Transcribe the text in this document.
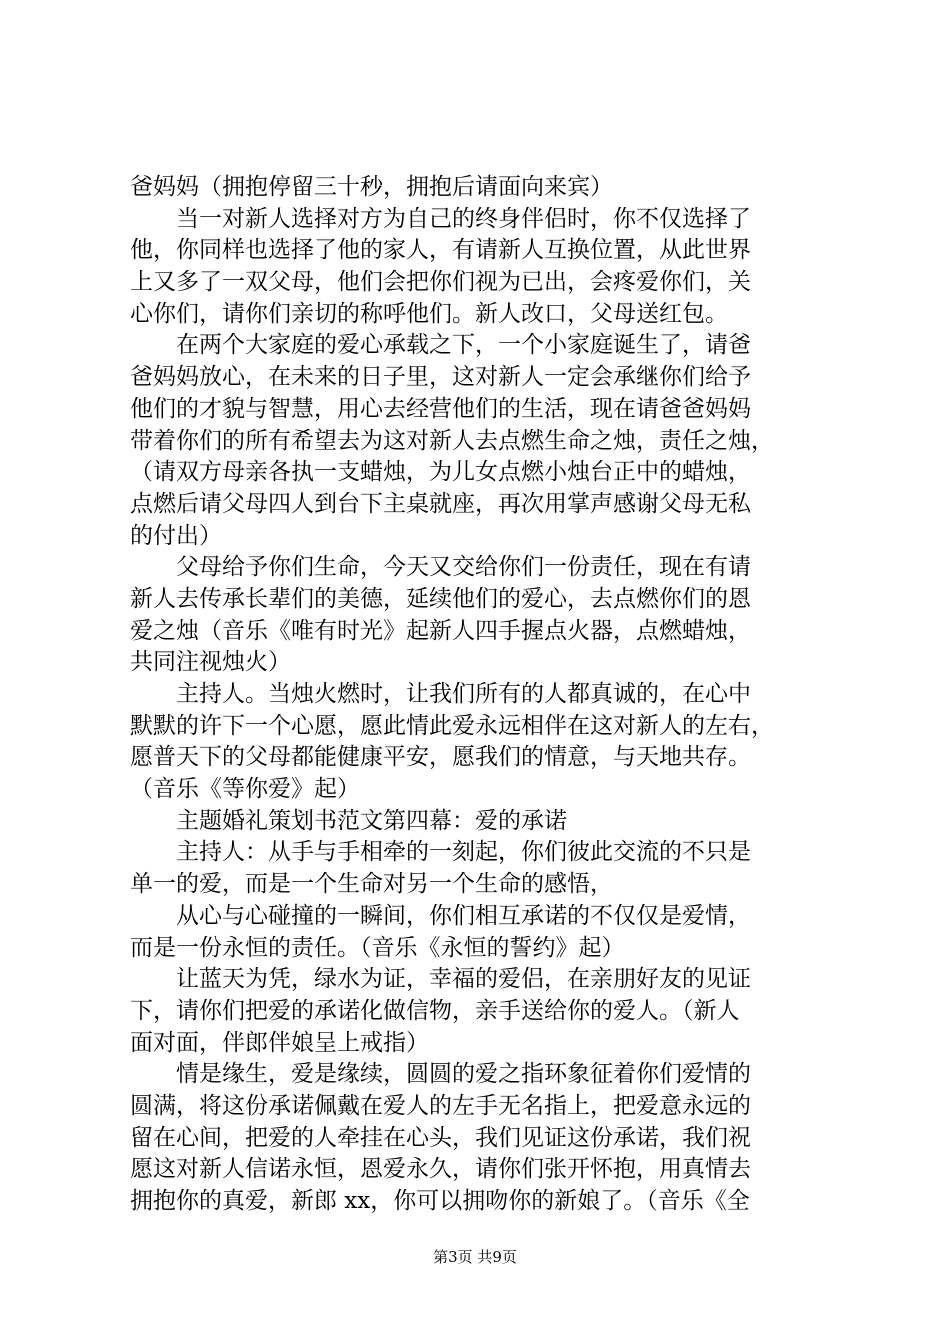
爸妈妈（拥抱停留三十秒，拥抱后请面向来宾）
当一对新人选择对方为自己的终身伴侣时，你不仅选择了
他，你同样也选择了他的家人，有请新人互换位置，从此世界
上又多了一双父母，他们会把你们视为已出，会疼爱你们，关
心你们，请你们亲切的称呼他们。新人改口，父母送红包。
在两个大家庭的爱心承载之下，一个小家庭诞生了，请爸
爸妈妈放心，在未来的日子里，这对新人一定会承继你们给予
他们的才貌与智慧，用心去经营他们的生活，现在请爸爸妈妈
带着你们的所有希望去为这对新人去点燃生命之烛，责任之烛，
（请双方母亲各执一支蜡烛，为儿女点燃小烛台正中的蜡烛，
点燃后请父母四人到台下主桌就座，再次用掌声感谢父母无私
的付出）
父母给予你们生命，今天又交给你们一份责任，现在有请
新人去传承长辈们的美德，延续他们的爱心，去点燃你们的恩
爱之烛（音乐《唯有时光》起新人四手握点火器，点燃蜡烛，
共同注视烛火）
主持人。当烛火燃时，让我们所有的人都真诚的，在心中
默默的许下一个心愿，愿此情此爱永远相伴在这对新人的左右，
愿普天下的父母都能健康平安，愿我们的情意，与天地共存。
（音乐《等你爱》起）
主题婚礼策划书范文第四幕：爱的承诺
主持人：从手与手相牵的一刻起，你们彼此交流的不只是
单一的爱，而是一个生命对另一个生命的感悟，
从心与心碰撞的一瞬间，你们相互承诺的不仅仅是爱情，
而是一份永恒的责任。（音乐《永恒的誓约》起）
让蓝天为凭，绿水为证，幸福的爱侣，在亲朋好友的见证
下，请你们把爱的承诺化做信物，亲手送给你的爱人。（新人
面对面，伴郎伴娘呈上戒指）
情是缘生，爱是缘续，圆圆的爱之指环象征着你们爱情的
圆满，将这份承诺佩戴在爱人的左手无名指上，把爱意永远的
留在心间，把爱的人牵挂在心头，我们见证这份承诺，我们祝
愿这对新人信诺永恒，恩爱永久，请你们张开怀抱，用真情去
拥抱你的真爱，新郎 xx，你可以拥吻你的新娘了。（音乐《全
第3页 共9页
